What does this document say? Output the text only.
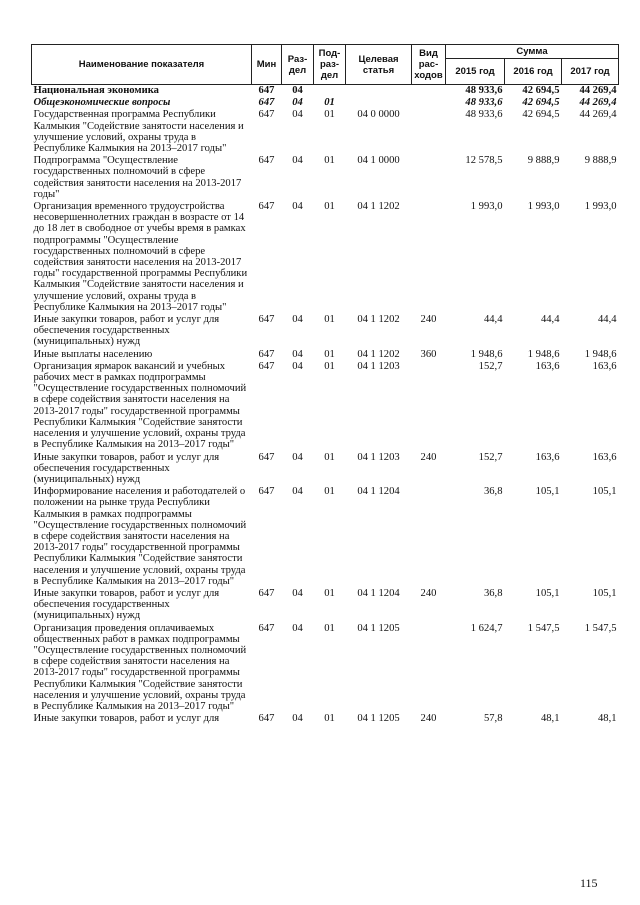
Наименование показателя	Мин	Раз- дел	Под- раз- дел	Целевая статья	Вид рас- ходов	Сумма		
						2015 год	2016 год	2017 год
Национальная экономика	647	04				48 933,6	42 694,5	44 269,4
Общеэкономические вопросы	647	04	01			48 933,6	42 694,5	44 269,4
Государственная программа Республики Калмыкия "Содействие занятости населения и улучшение условий, охраны труда в Республике Калмыкия на 2013–2017 годы"	647	04	01	04 0 0000		48 933,6	42 694,5	44 269,4
Подпрограмма "Осуществление государственных полномочий в сфере содействия занятости населения на 2013-2017 годы"	647	04	01	04 1 0000		12 578,5	9 888,9	9 888,9
Организация временного трудоустройства несовершеннолетних граждан в возрасте от 14 до 18 лет в свободное от учебы время в рамках подпрограммы "Осуществление государственных полномочий в сфере содействия занятости населения на 2013-2017 годы" государственной программы Республики Калмыкия "Содействие занятости населения и улучшение условий, охраны труда в Республике Калмыкия на 2013–2017 годы"	647	04	01	04 1 1202		1 993,0	1 993,0	1 993,0
Иные закупки товаров, работ и услуг для обеспечения государственных (муниципальных) нужд	647	04	01	04 1 1202	240	44,4	44,4	44,4
Иные выплаты населению	647	04	01	04 1 1202	360	1 948,6	1 948,6	1 948,6
Организация ярмарок вакансий и учебных рабочих мест в рамках подпрограммы "Осуществление государственных полномочий в сфере содействия занятости населения на 2013-2017 годы" государственной программы Республики Калмыкия "Содействие занятости населения и улучшение условий, охраны труда в Республике Калмыкия на 2013–2017 годы"	647	04	01	04 1 1203		152,7	163,6	163,6
Иные закупки товаров, работ и услуг для обеспечения государственных (муниципальных) нужд	647	04	01	04 1 1203	240	152,7	163,6	163,6
Информирование населения и работодателей о положении на рынке труда Республики Калмыкия в рамках подпрограммы "Осуществление государственных полномочий в сфере содействия занятости населения на 2013-2017 годы" государственной программы Республики Калмыкия "Содействие занятости населения и улучшение условий, охраны труда в Республике Калмыкия на 2013–2017 годы"	647	04	01	04 1 1204		36,8	105,1	105,1
Иные закупки товаров, работ и услуг для обеспечения государственных (муниципальных) нужд	647	04	01	04 1 1204	240	36,8	105,1	105,1
Организация проведения оплачиваемых общественных работ в рамках подпрограммы "Осуществление государственных полномочий в сфере содействия занятости населения на 2013-2017 годы" государственной программы Республики Калмыкия "Содействие занятости населения и улучшение условий, охраны труда в Республике Калмыкия на 2013–2017 годы"	647	04	01	04 1 1205		1 624,7	1 547,5	1 547,5
Иные закупки товаров, работ и услуг для	647	04	01	04 1 1205	240	57,8	48,1	48,1
115
